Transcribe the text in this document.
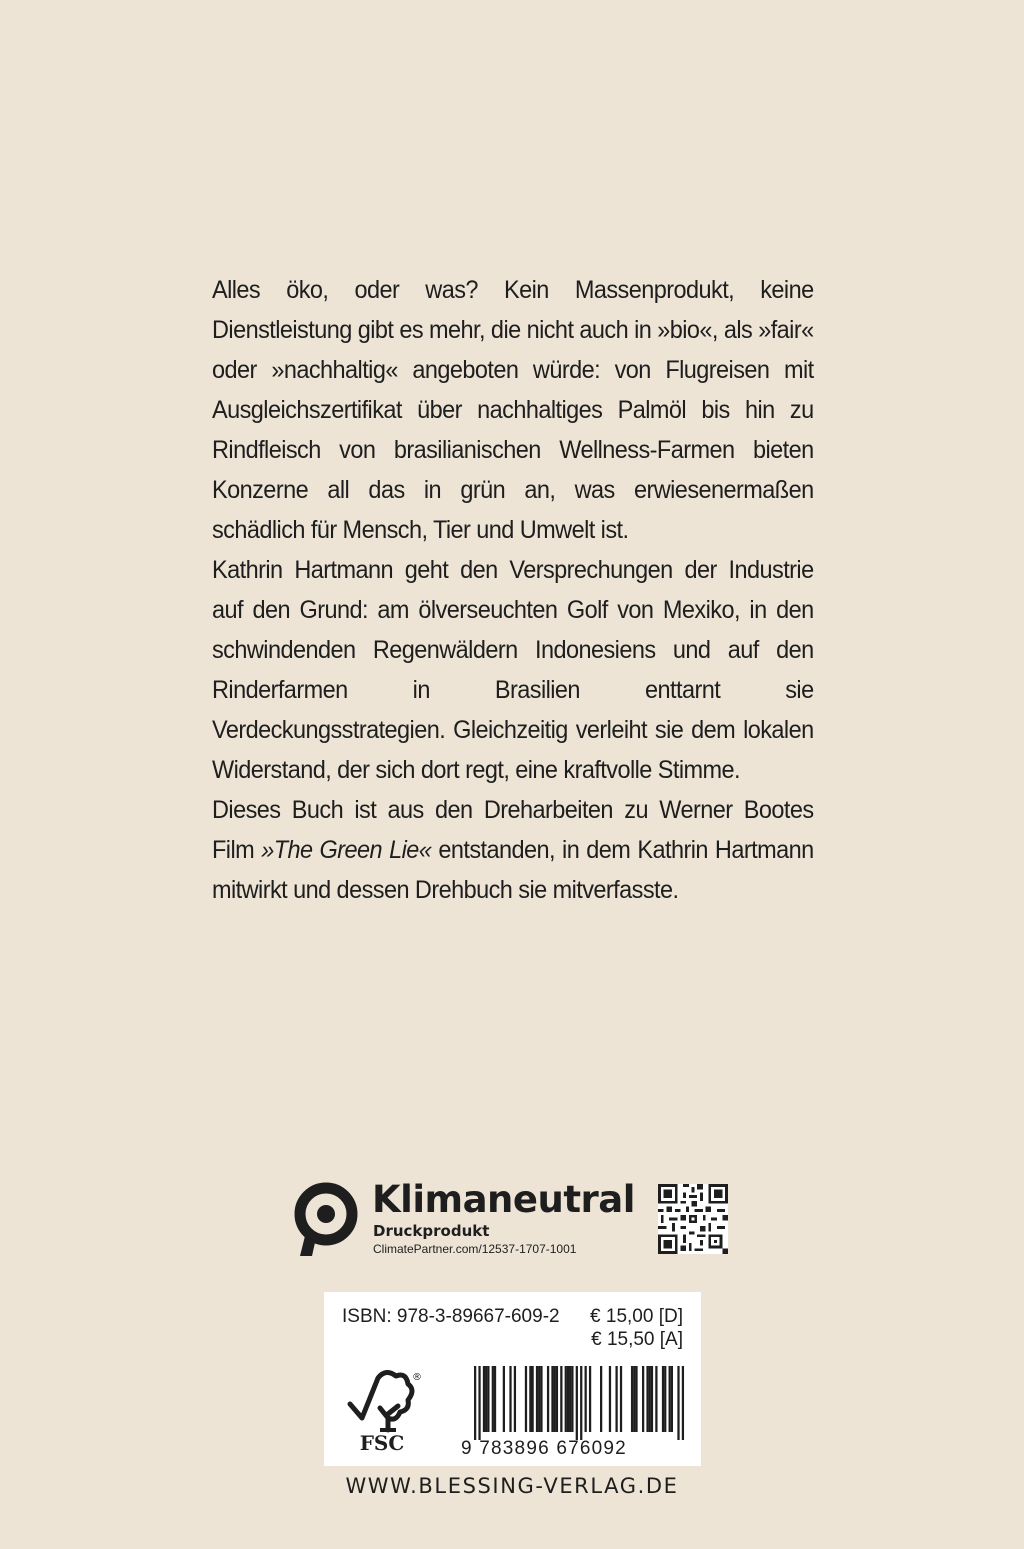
Alles öko, oder was? Kein Massenprodukt, keine Dienstleistung gibt es mehr, die nicht auch in »bio«, als »fair« oder »nachhaltig« angeboten würde: von Flugreisen mit Ausgleichszertifikat über nachhaltiges Palmöl bis hin zu Rindfleisch von brasilianischen Wellness-Farmen bieten Konzerne all das in grün an, was erwiesenermaßen schädlich für Mensch, Tier und Umwelt ist.

Kathrin Hartmann geht den Versprechungen der Industrie auf den Grund: am ölverseuchten Golf von Mexiko, in den schwindenden Regenwäldern Indonesiens und auf den Rinderfarmen in Brasilien enttarnt sie Verdeckungsstrategien. Gleichzeitig verleiht sie dem lokalen Widerstand, der sich dort regt, eine kraftvolle Stimme.

Dieses Buch ist aus den Dreharbeiten zu Werner Bootes Film »The Green Lie« entstanden, in dem Kathrin Hartmann mitwirkt und dessen Drehbuch sie mitverfasste.

Klimaneutral
Druckprodukt
ClimatePartner.com/12537-1707-1001
ISBN: 978-3-89667-609-2 € 15,00 [D]
€ 15,50 [A]
FSC
®
9 783896 676092
WWW.BLESSING-VERLAG.DE
